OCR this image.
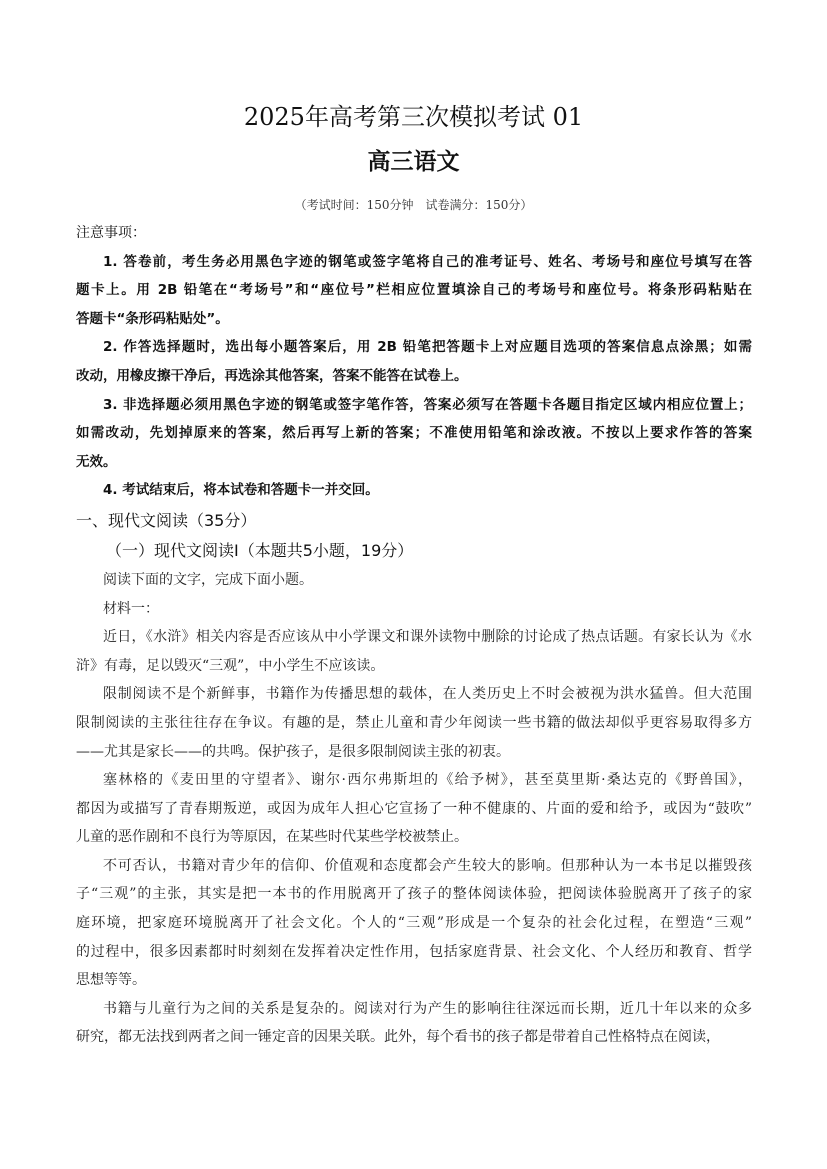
2025年高考第三次模拟考试 01
高三语文
（考试时间：150分钟　试卷满分：150分）
注意事项：
1. 答卷前，考生务必用黑色字迹的钢笔或签字笔将自己的准考证号、姓名、考场号和座位号填写在答
题卡上。用 2B 铅笔在“考场号”和“座位号”栏相应位置填涂自己的考场号和座位号。将条形码粘贴在
答题卡“条形码粘贴处”。
2. 作答选择题时，选出每小题答案后，用 2B 铅笔把答题卡上对应题目选项的答案信息点涂黑；如需
改动，用橡皮擦干净后，再选涂其他答案，答案不能答在试卷上。
3. 非选择题必须用黑色字迹的钢笔或签字笔作答，答案必须写在答题卡各题目指定区域内相应位置上；
如需改动，先划掉原来的答案，然后再写上新的答案；不准使用铅笔和涂改液。不按以上要求作答的答案
无效。
4. 考试结束后，将本试卷和答题卡一并交回。
一、现代文阅读（35分）
（一）现代文阅读Ⅰ（本题共5小题，19分）
阅读下面的文字，完成下面小题。
材料一：
近日，《水浒》相关内容是否应该从中小学课文和课外读物中删除的讨论成了热点话题。有家长认为《水
浒》有毒，足以毁灭“三观”，中小学生不应该读。
限制阅读不是个新鲜事，书籍作为传播思想的载体，在人类历史上不时会被视为洪水猛兽。但大范围
限制阅读的主张往往存在争议。有趣的是，禁止儿童和青少年阅读一些书籍的做法却似乎更容易取得多方
——尤其是家长——的共鸣。保护孩子，是很多限制阅读主张的初衷。
塞林格的《麦田里的守望者》、谢尔·西尔弗斯坦的《给予树》，甚至莫里斯·桑达克的《野兽国》，
都因为或描写了青春期叛逆，或因为成年人担心它宣扬了一种不健康的、片面的爱和给予，或因为“鼓吹”
儿童的恶作剧和不良行为等原因，在某些时代某些学校被禁止。
不可否认，书籍对青少年的信仰、价值观和态度都会产生较大的影响。但那种认为一本书足以摧毁孩
子“三观”的主张，其实是把一本书的作用脱离开了孩子的整体阅读体验，把阅读体验脱离开了孩子的家
庭环境，把家庭环境脱离开了社会文化。个人的“三观”形成是一个复杂的社会化过程，在塑造“三观”
的过程中，很多因素都时时刻刻在发挥着决定性作用，包括家庭背景、社会文化、个人经历和教育、哲学
思想等等。
书籍与儿童行为之间的关系是复杂的。阅读对行为产生的影响往往深远而长期，近几十年以来的众多
研究，都无法找到两者之间一锤定音的因果关联。此外，每个看书的孩子都是带着自己性格特点在阅读，
